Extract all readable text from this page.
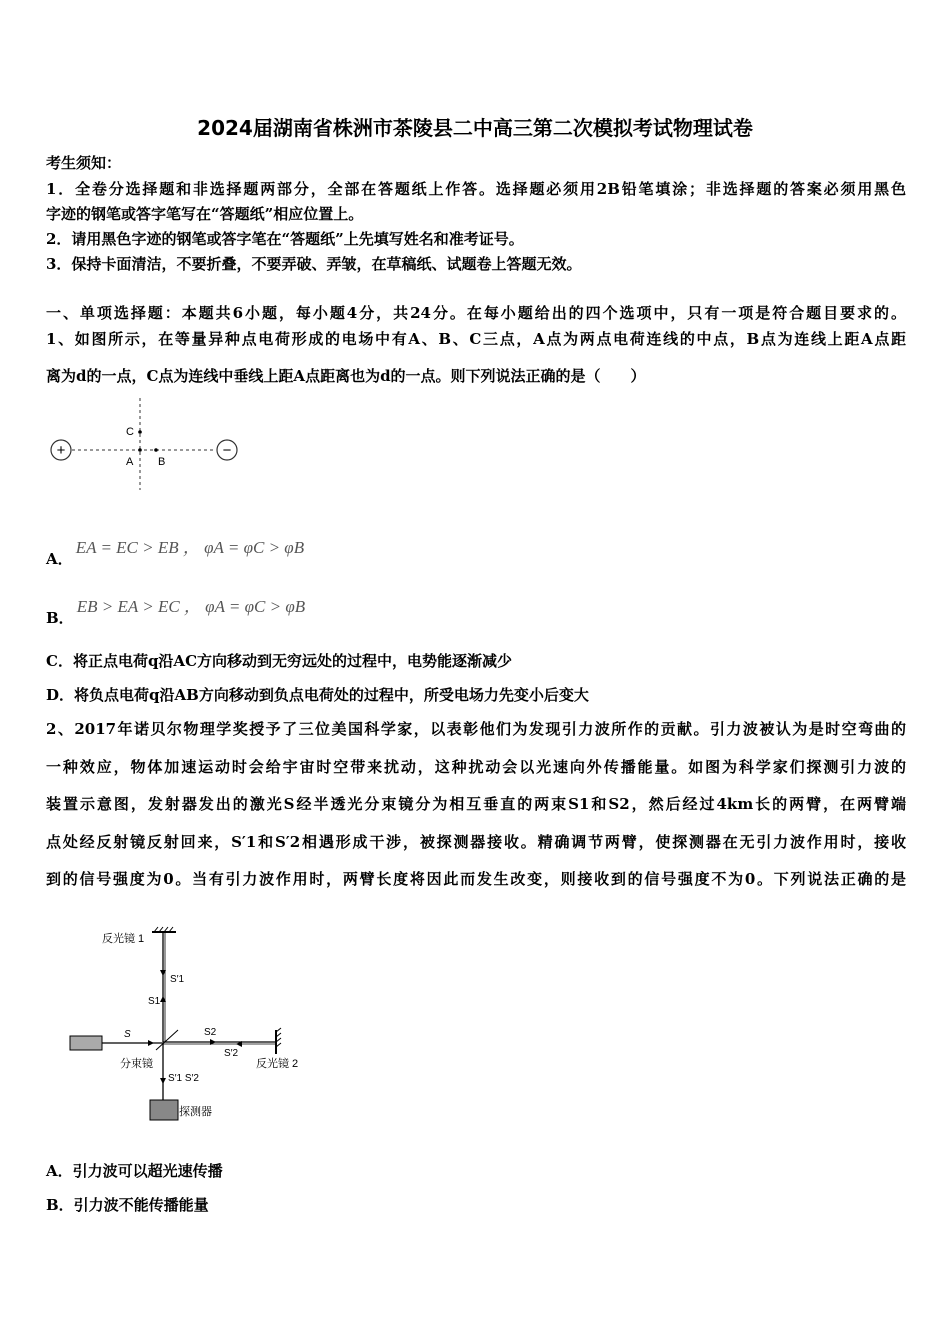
2024届湖南省株洲市茶陵县二中高三第二次模拟考试物理试卷
考生须知：
1．全卷分选择题和非选择题两部分，全部在答题纸上作答。选择题必须用2B铅笔填涂；非选择题的答案必须用黑色
字迹的钢笔或答字笔写在“答题纸”相应位置上。
2．请用黑色字迹的钢笔或答字笔在“答题纸”上先填写姓名和准考证号。
3．保持卡面清洁，不要折叠，不要弄破、弄皱，在草稿纸、试题卷上答题无效。
一、单项选择题：本题共6小题，每小题4分，共24分。在每小题给出的四个选项中，只有一项是符合题目要求的。
1、如图所示，在等量异种点电荷形成的电场中有A、B、C三点，A点为两点电荷连线的中点，B点为连线上距A点距
离为d的一点，C点为连线中垂线上距A点距离也为d的一点。则下列说法正确的是（　　）
+	−
C
A B
A． EA = EC > EB ， φA = φC > φB
B． EB > EA > EC ， φA = φC > φB
C．将正点电荷q沿AC方向移动到无穷远处的过程中，电势能逐渐减少
D．将负点电荷q沿AB方向移动到负点电荷处的过程中，所受电场力先变小后变大
2、2017年诺贝尔物理学奖授予了三位美国科学家，以表彰他们为发现引力波所作的贡献。引力波被认为是时空弯曲的
一种效应，物体加速运动时会给宇宙时空带来扰动，这种扰动会以光速向外传播能量。如图为科学家们探测引力波的
装置示意图，发射器发出的激光S经半透光分束镜分为相互垂直的两束S1和S2，然后经过4km长的两臂，在两臂端
点处经反射镜反射回来，S′1和S′2相遇形成干涉，被探测器接收。精确调节两臂，使探测器在无引力波作用时，接收
到的信号强度为0。当有引力波作用时，两臂长度将因此而发生改变，则接收到的信号强度不为0。下列说法正确的是
反光镜 1
S′1
S1
S
分束镜
S2
S′2
反光镜 2
S′1 S′2
探测器
A．引力波可以超光速传播
B．引力波不能传播能量
